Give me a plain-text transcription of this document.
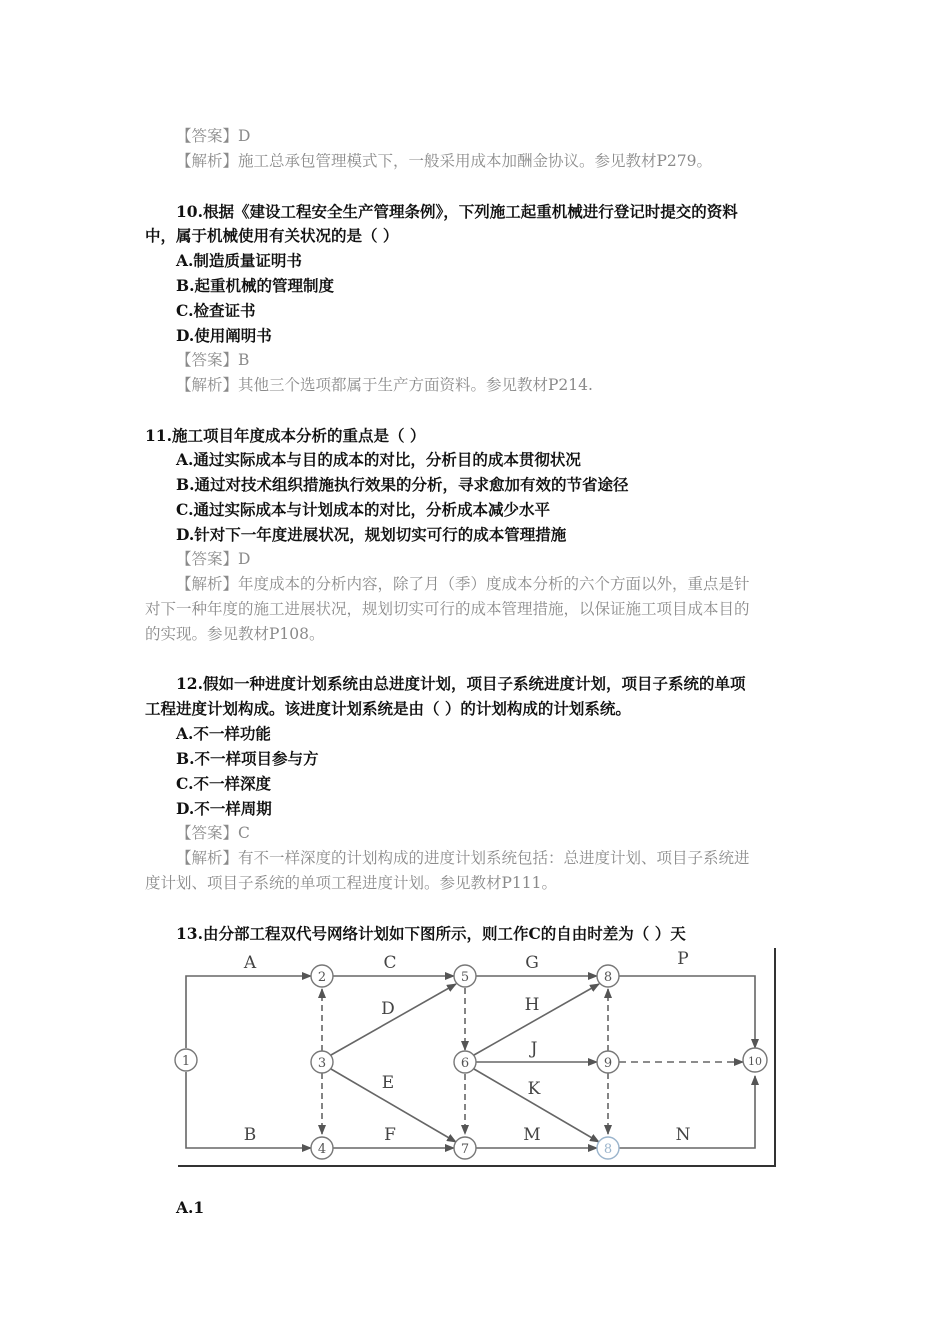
【答案】D
【解析】施工总承包管理模式下，一般采用成本加酬金协议。参见教材P279。
10.根据《建设工程安全生产管理条例》，下列施工起重机械进行登记时提交的资料
中，属于机械使用有关状况的是（ ）
A.制造质量证明书
B.起重机械的管理制度
C.检查证书
D.使用阐明书
【答案】B
【解析】其他三个选项都属于生产方面资料。参见教材P214.
11.施工项目年度成本分析的重点是（ ）
A.通过实际成本与目的成本的对比，分析目的成本贯彻状况
B.通过对技术组织措施执行效果的分析，寻求愈加有效的节省途径
C.通过实际成本与计划成本的对比，分析成本减少水平
D.针对下一年度进展状况，规划切实可行的成本管理措施
【答案】D
【解析】年度成本的分析内容，除了月（季）度成本分析的六个方面以外，重点是针
对下一种年度的施工进展状况，规划切实可行的成本管理措施，以保证施工项目成本目的
的实现。参见教材P108。
12.假如一种进度计划系统由总进度计划，项目子系统进度计划，项目子系统的单项
工程进度计划构成。该进度计划系统是由（ ）的计划构成的计划系统。
A.不一样功能
B.不一样项目参与方
C.不一样深度
D.不一样周期
【答案】C
【解析】有不一样深度的计划构成的进度计划系统包括：总进度计划、项目子系统进
度计划、项目子系统的单项工程进度计划。参见教材P111。
13.由分部工程双代号网络计划如下图所示，则工作C的自由时差为（ ）天
A
B
C
D
E
F
G
H
J
K
M
P
N
1
2
3
4
5
6
7
8
9	10
8
A.1
